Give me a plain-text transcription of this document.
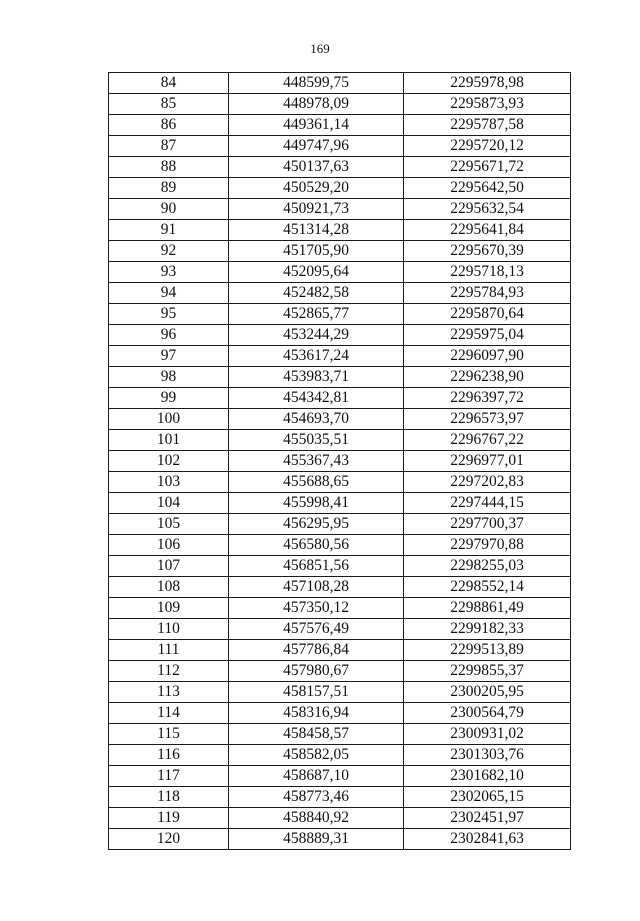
169
84	448599,75	2295978,98
85	448978,09	2295873,93
86	449361,14	2295787,58
87	449747,96	2295720,12
88	450137,63	2295671,72
89	450529,20	2295642,50
90	450921,73	2295632,54
91	451314,28	2295641,84
92	451705,90	2295670,39
93	452095,64	2295718,13
94	452482,58	2295784,93
95	452865,77	2295870,64
96	453244,29	2295975,04
97	453617,24	2296097,90
98	453983,71	2296238,90
99	454342,81	2296397,72
100	454693,70	2296573,97
101	455035,51	2296767,22
102	455367,43	2296977,01
103	455688,65	2297202,83
104	455998,41	2297444,15
105	456295,95	2297700,37
106	456580,56	2297970,88
107	456851,56	2298255,03
108	457108,28	2298552,14
109	457350,12	2298861,49
110	457576,49	2299182,33
111	457786,84	2299513,89
112	457980,67	2299855,37
113	458157,51	2300205,95
114	458316,94	2300564,79
115	458458,57	2300931,02
116	458582,05	2301303,76
117	458687,10	2301682,10
118	458773,46	2302065,15
119	458840,92	2302451,97
120	458889,31	2302841,63
